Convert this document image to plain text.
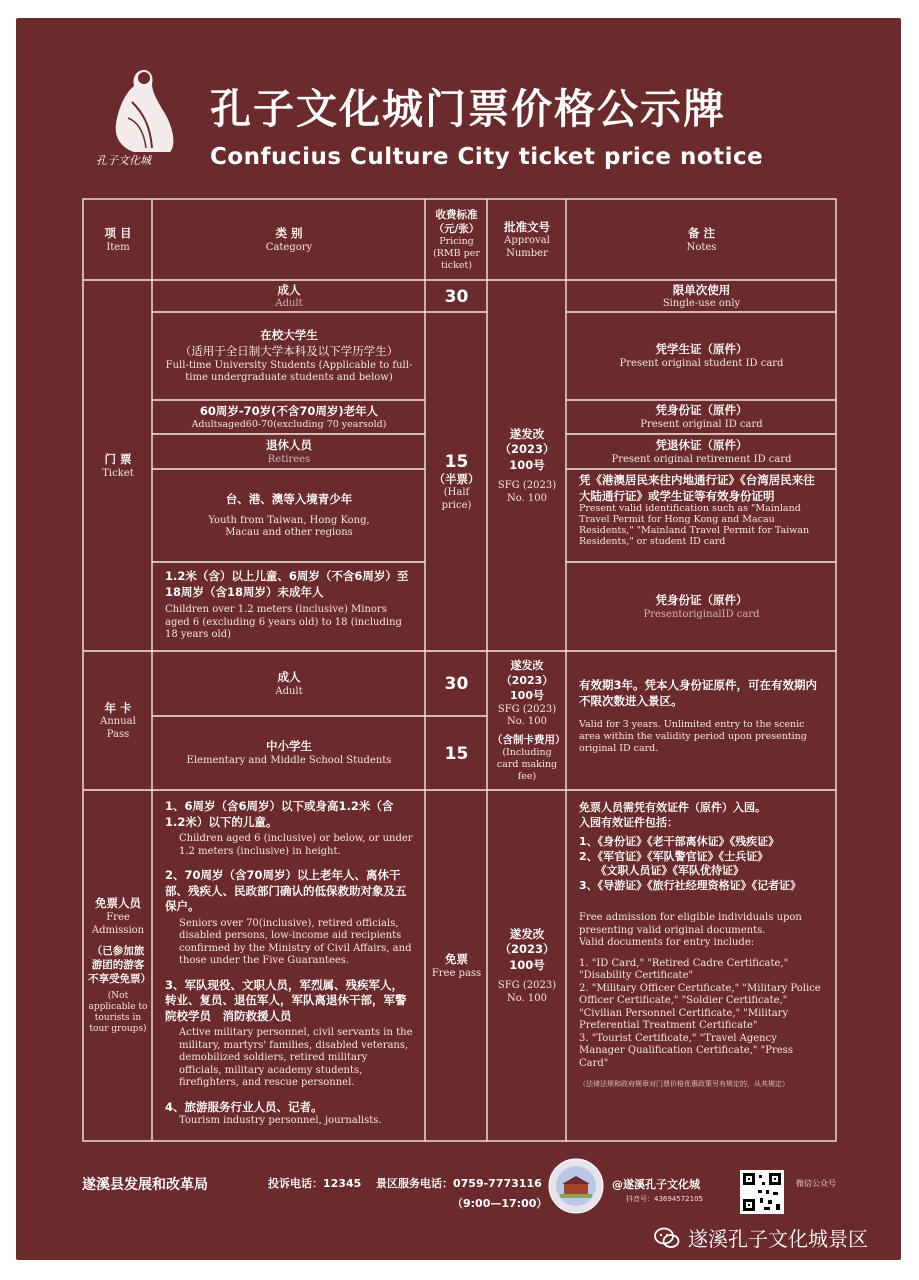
孔子文化城
孔子文化城门票价格公示牌
Confucius Culture City ticket price notice
项 目
Item
类 别
Category
收费标准（元/张）
Pricing (RMB per ticket)
批准文号
Approval Number
备 注
Notes
门 票
Ticket
遂发改（2023）100号
SFG (2023) No. 100
30
15
（半票）
(Half price)
成人
Adult
在校大学生
（适用于全日制大学本科及以下学历学生）
Full-time University Students (Applicable to full-time undergraduate students and below)
60周岁-70岁(不含70周岁)老年人
Adultsaged60-70(excluding 70 yearsold)
退休人员
Retirees
台、港、澳等入境青少年
Youth from Taiwan, Hong Kong, Macau and other regions
1.2米（含）以上儿童、6周岁（不含6周岁）至18周岁（含18周岁）未成年人
Children over 1.2 meters (inclusive) Minors aged 6 (excluding 6 years old) to 18 (including 18 years old)
限单次使用
Single-use only
凭学生证（原件）
Present original student ID card
凭身份证（原件）
Present original ID card
凭退休证（原件）
Present original retirement ID card
凭《港澳居民来往内地通行证》《台湾居民来往大陆通行证》或学生证等有效身份证明
Present valid identification such as "Mainland Travel Permit for Hong Kong and Macau Residents," "Mainland Travel Permit for Taiwan Residents," or student ID card
凭身份证（原件）
PresentoriginalID card
年 卡
Annual Pass
成人
Adult
中小学生
Elementary and Middle School Students
30
15
遂发改（2023）100号
SFG (2023) No. 100
（含制卡费用）
(Including card making fee)
有效期3年。凭本人身份证原件，可在有效期内不限次数进入景区。
Valid for 3 years. Unlimited entry to the scenic area within the validity period upon presenting original ID card.
免票人员
Free Admission
（已参加旅游团的游客不享受免票）
(Not applicable to tourists in tour groups)
1、6周岁（含6周岁）以下或身高1.2米（含1.2米）以下的儿童。
Children aged 6 (inclusive) or below, or under 1.2 meters (inclusive) in height.
2、70周岁（含70周岁）以上老年人、离休干部、残疾人、民政部门确认的低保救助对象及五保户。
Seniors over 70(inclusive), retired officials, disabled persons, low-income aid recipients confirmed by the Ministry of Civil Affairs, and those under the Five Guarantees.
3、军队现役、文职人员，军烈属、残疾军人，转业、复员、退伍军人，军队离退休干部，军警院校学员　消防救援人员
Active military personnel, civil servants in the military, martyrs' families, disabled veterans, demobilized soldiers, retired military officials, military academy students, firefighters, and rescue personnel.
4、旅游服务行业人员、记者。
Tourism industry personnel, journalists.
免票
Free pass
遂发改（2023）100号
SFG (2023) No. 100
免票人员需凭有效证件（原件）入园。
入园有效证件包括：
1、《身份证》《老干部离休证》《残疾证》
2、《军官证》《军队警官证》《士兵证》
　　《文职人员证》《军队优待证》
3、《导游证》《旅行社经理资格证》《记者证》
Free admission for eligible individuals upon presenting valid original documents.
Valid documents for entry include:
1. "ID Card," "Retired Cadre Certificate," "Disability Certificate"
2. "Military Officer Certificate," "Military Police Officer Certificate," "Soldier Certificate," "Civilian Personnel Certificate," "Military Preferential Treatment Certificate"
3. "Tourist Certificate," "Travel Agency Manager Qualification Certificate," "Press Card"
（法律法规和政府规章对门票价格优惠政策另有规定的，从其规定）
遂溪县发展和改革局	投诉电话：12345 景区服务电话：0759-7773116
（9:00—17:00）
@遂溪孔子文化城
抖音号：43694572105
微信公众号
遂溪孔子文化城景区
